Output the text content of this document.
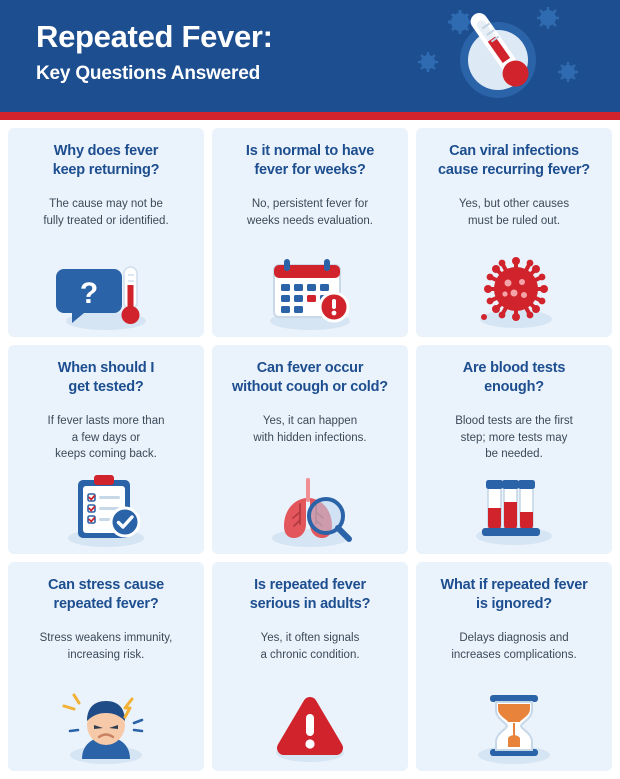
Repeated Fever:
Key Questions Answered
Why does fever
keep returning?
The cause may not be
fully treated or identified.
?
Is it normal to have
fever for weeks?
No, persistent fever for
weeks needs evaluation.
Can viral infections
cause recurring fever?
Yes, but other causes
must be ruled out.
When should I
get tested?
If fever lasts more than
a few days or
keeps coming back.
Can fever occur
without cough or cold?
Yes, it can happen
with hidden infections.
Are blood tests
enough?
Blood tests are the first
step; more tests may
be needed.
Can stress cause
repeated fever?
Stress weakens immunity,
increasing risk.
Is repeated fever
serious in adults?
Yes, it often signals
a chronic condition.
What if repeated fever
is ignored?
Delays diagnosis and
increases complications.
